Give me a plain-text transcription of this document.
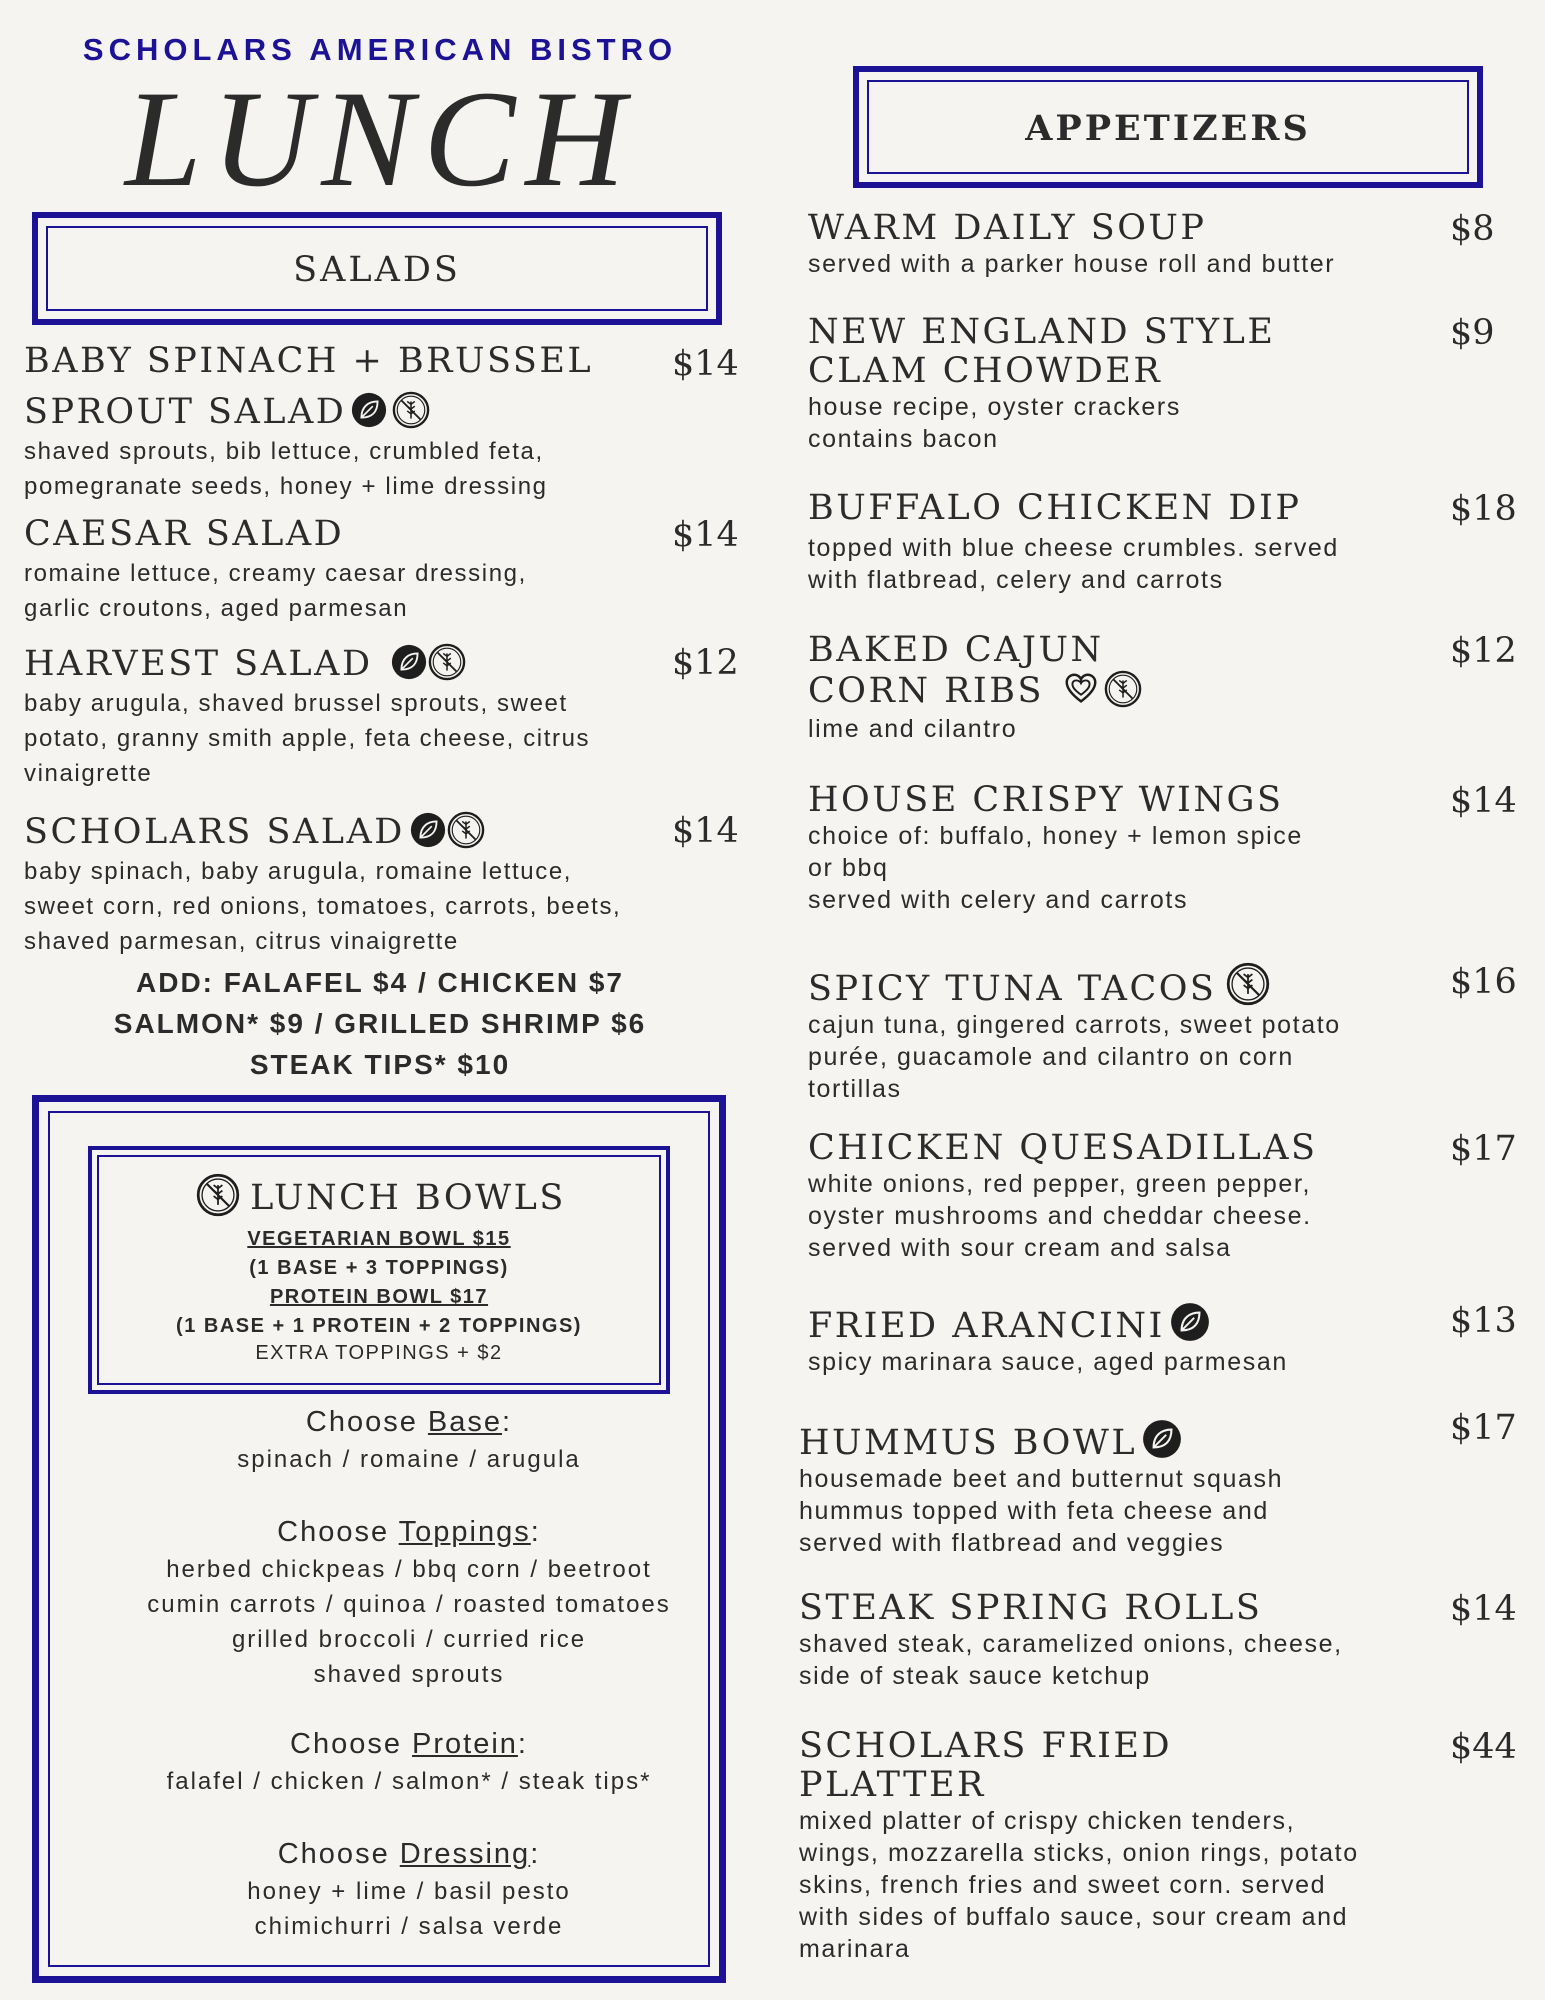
SCHOLARS AMERICAN BISTRO
LUNCH
SALADS
BABY SPINACH + BRUSSEL
SPROUT SALAD
$14
shaved sprouts, bib lettuce, crumbled feta,
pomegranate seeds, honey + lime dressing
CAESAR SALAD	$14
romaine lettuce, creamy caesar dressing,
garlic croutons, aged parmesan
HARVEST SALAD	$12
baby arugula, shaved brussel sprouts, sweet
potato, granny smith apple, feta cheese, citrus
vinaigrette
SCHOLARS SALAD	$14
baby spinach, baby arugula, romaine lettuce,
sweet corn, red onions, tomatoes, carrots, beets,
shaved parmesan, citrus vinaigrette
ADD: FALAFEL $4 / CHICKEN $7
SALMON* $9 / GRILLED SHRIMP $6
STEAK TIPS* $10
LUNCH BOWLS
VEGETARIAN BOWL $15
(1 BASE + 3 TOPPINGS)
PROTEIN BOWL $17
(1 BASE + 1 PROTEIN + 2 TOPPINGS)
EXTRA TOPPINGS + $2
Choose Base:
spinach / romaine / arugula
Choose Toppings:
herbed chickpeas / bbq corn / beetroot
cumin carrots / quinoa / roasted tomatoes
grilled broccoli / curried rice
shaved sprouts
Choose Protein:
falafel / chicken / salmon* / steak tips*
Choose Dressing:
honey + lime / basil pesto
chimichurri / salsa verde
APPETIZERS
WARM DAILY SOUP	$8
served with a parker house roll and butter
NEW ENGLAND STYLE
CLAM CHOWDER
$9
house recipe, oyster crackers
contains bacon
BUFFALO CHICKEN DIP	$18
topped with blue cheese crumbles. served
with flatbread, celery and carrots
BAKED CAJUN
CORN RIBS
$12
lime and cilantro
HOUSE CRISPY WINGS	$14
choice of: buffalo, honey + lemon spice
or bbq
served with celery and carrots
SPICY TUNA TACOS	$16
cajun tuna, gingered carrots, sweet potato
purée, guacamole and cilantro on corn
tortillas
CHICKEN QUESADILLAS	$17
white onions, red pepper, green pepper,
oyster mushrooms and cheddar cheese.
served with sour cream and salsa
FRIED ARANCINI	$13
spicy marinara sauce, aged parmesan
HUMMUS BOWL	$17
housemade beet and butternut squash
hummus topped with feta cheese and
served with flatbread and veggies
STEAK SPRING ROLLS	$14
shaved steak, caramelized onions, cheese,
side of steak sauce ketchup
SCHOLARS FRIED
PLATTER
$44
mixed platter of crispy chicken tenders,
wings, mozzarella sticks, onion rings, potato
skins, french fries and sweet corn. served
with sides of buffalo sauce, sour cream and
marinara
